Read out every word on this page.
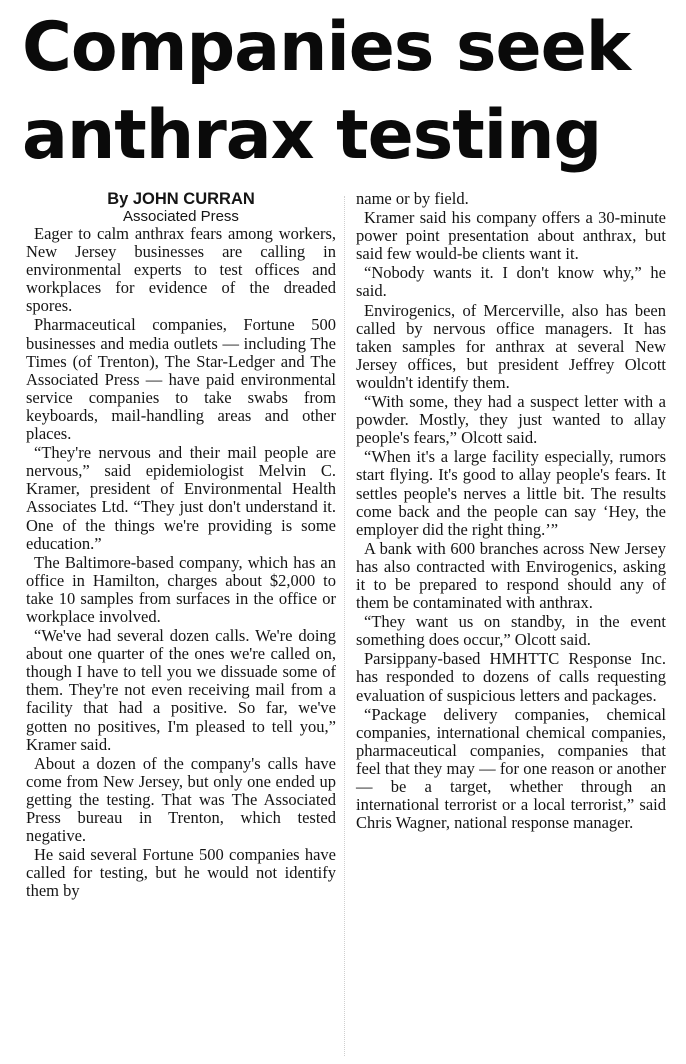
Companies seek
anthrax testing

By JOHN CURRAN

Associated Press

Eager to calm anthrax fears among workers, New Jersey businesses are calling in environmental experts to test offices and workplaces for evidence of the dreaded spores.

Pharmaceutical companies, Fortune 500 businesses and media outlets — including The Times (of Trenton), The Star-Ledger and The Associated Press — have paid environmental service companies to take swabs from keyboards, mail-handling areas and other places.

“They're nervous and their mail people are nervous,” said epidemiologist Melvin C. Kramer, president of Environmental Health Associates Ltd. “They just don't understand it. One of the things we're providing is some education.”

The Baltimore-based company, which has an office in Hamilton, charges about $2,000 to take 10 samples from surfaces in the office or workplace involved.

“We've had several dozen calls. We're doing about one quarter of the ones we're called on, though I have to tell you we dissuade some of them. They're not even receiving mail from a facility that had a positive. So far, we've gotten no positives, I'm pleased to tell you,” Kramer said.

About a dozen of the company's calls have come from New Jersey, but only one ended up getting the testing. That was The Associated Press bureau in Trenton, which tested negative.

He said several Fortune 500 companies have called for testing, but he would not identify them by

name or by field.

Kramer said his company offers a 30-minute power point presentation about anthrax, but said few would-be clients want it.

“Nobody wants it. I don't know why,” he said.

Envirogenics, of Mercerville, also has been called by nervous office managers. It has taken samples for anthrax at several New Jersey offices, but president Jeffrey Olcott wouldn't identify them.

“With some, they had a suspect letter with a powder. Mostly, they just wanted to allay people's fears,” Olcott said.

“When it's a large facility especially, rumors start flying. It's good to allay people's fears. It settles people's nerves a little bit. The results come back and the people can say ‘Hey, the employer did the right thing.’”

A bank with 600 branches across New Jersey has also contracted with Envirogenics, asking it to be prepared to respond should any of them be contaminated with anthrax.

“They want us on standby, in the event something does occur,” Olcott said.

Parsippany-based HMHTTC Response Inc. has responded to dozens of calls requesting evaluation of suspicious letters and packages.

“Package delivery companies, chemical companies, international chemical companies, pharmaceutical companies, companies that feel that they may — for one reason or another — be a target, whether through an international terrorist or a local terrorist,” said Chris Wagner, national response manager.
